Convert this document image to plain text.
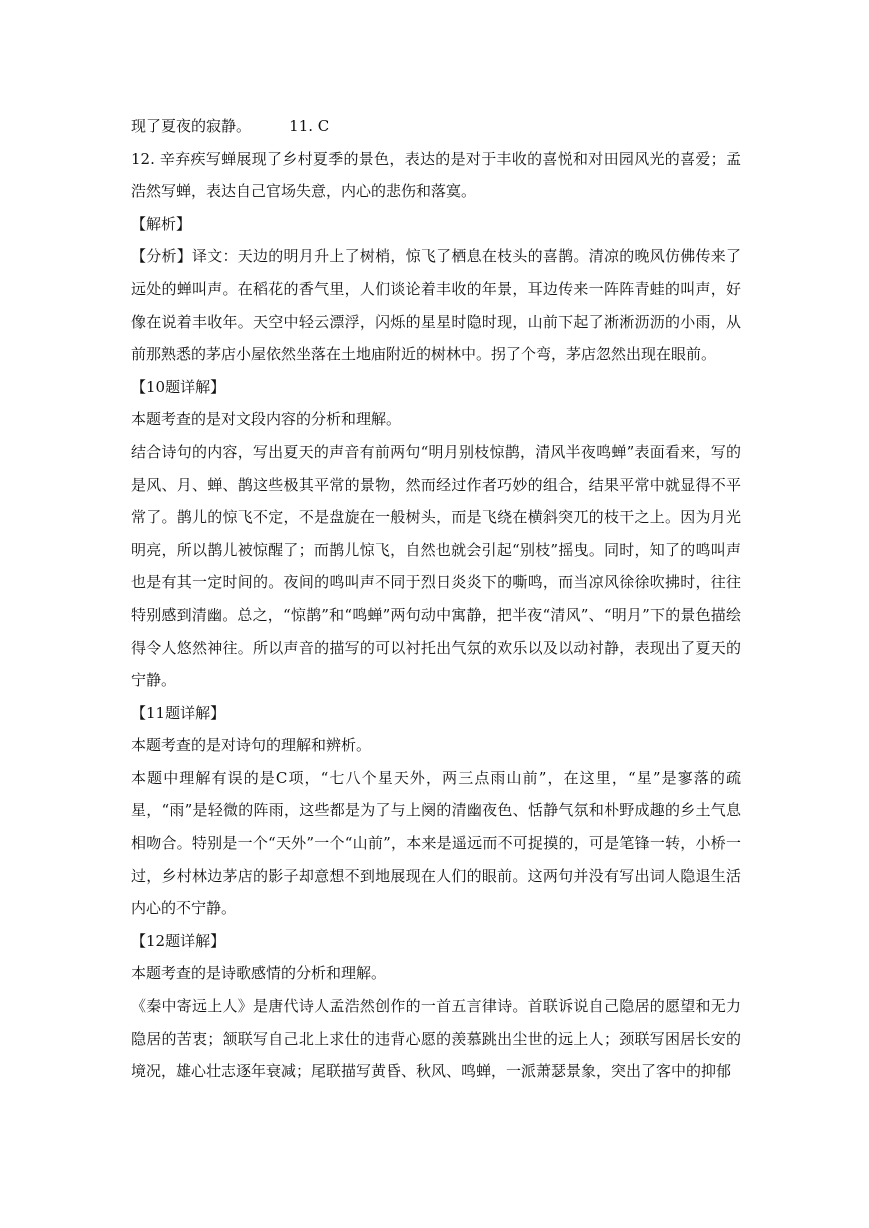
现了夏夜的寂静。        11. C

12. 辛弃疾写蝉展现了乡村夏季的景色，表达的是对于丰收的喜悦和对田园风光的喜爱；孟浩然写蝉，表达自己官场失意，内心的悲伤和落寞。

【解析】

【分析】译文：天边的明月升上了树梢，惊飞了栖息在枝头的喜鹊。清凉的晚风仿佛传来了远处的蝉叫声。在稻花的香气里，人们谈论着丰收的年景，耳边传来一阵阵青蛙的叫声，好像在说着丰收年。天空中轻云漂浮，闪烁的星星时隐时现，山前下起了淅淅沥沥的小雨，从前那熟悉的茅店小屋依然坐落在土地庙附近的树林中。拐了个弯，茅店忽然出现在眼前。

【10题详解】

本题考查的是对文段内容的分析和理解。

结合诗句的内容，写出夏天的声音有前两句“明月别枝惊鹊，清风半夜鸣蝉”表面看来，写的是风、月、蝉、鹊这些极其平常的景物，然而经过作者巧妙的组合，结果平常中就显得不平常了。鹊儿的惊飞不定，不是盘旋在一般树头，而是飞绕在横斜突兀的枝干之上。因为月光明亮，所以鹊儿被惊醒了；而鹊儿惊飞，自然也就会引起“别枝”摇曳。同时，知了的鸣叫声也是有其一定时间的。夜间的鸣叫声不同于烈日炎炎下的嘶鸣，而当凉风徐徐吹拂时，往往特别感到清幽。总之，“惊鹊”和“鸣蝉”两句动中寓静，把半夜“清风”、“明月”下的景色描绘得令人悠然神往。所以声音的描写的可以衬托出气氛的欢乐以及以动衬静，表现出了夏天的宁静。

【11题详解】

本题考查的是对诗句的理解和辨析。

本题中理解有误的是C项，“七八个星天外，两三点雨山前”，在这里，“星”是寥落的疏星，“雨”是轻微的阵雨，这些都是为了与上阕的清幽夜色、恬静气氛和朴野成趣的乡土气息相吻合。特别是一个“天外”一个“山前”，本来是遥远而不可捉摸的，可是笔锋一转，小桥一过，乡村林边茅店的影子却意想不到地展现在人们的眼前。这两句并没有写出词人隐退生活内心的不宁静。

【12题详解】

本题考查的是诗歌感情的分析和理解。

《秦中寄远上人》是唐代诗人孟浩然创作的一首五言律诗。首联诉说自己隐居的愿望和无力隐居的苦衷；颔联写自己北上求仕的违背心愿的羡慕跳出尘世的远上人；颈联写困居长安的境况，雄心壮志逐年衰减；尾联描写黄昏、秋风、鸣蝉，一派萧瑟景象，突出了客中的抑郁
